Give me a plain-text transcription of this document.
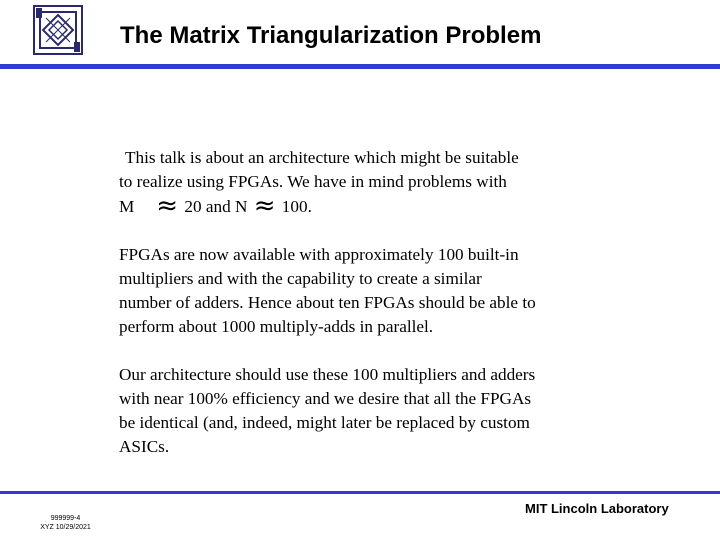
The Matrix Triangularization Problem
This talk is about an architecture which might be suitable
to realize using FPGAs. We have in mind problems with
M ≈ 20 and N ≈ 100.
FPGAs are now available with approximately 100 built-in
multipliers and with the capability to create a similar
number of adders. Hence about ten FPGAs should be able to
perform about 1000 multiply-adds in parallel.
Our architecture should use these 100 multipliers and adders
with near 100% efficiency and we desire that all the FPGAs
be identical (and, indeed, might later be replaced by custom
ASICs.
999999-4
XYZ 10/29/2021
MIT Lincoln Laboratory
